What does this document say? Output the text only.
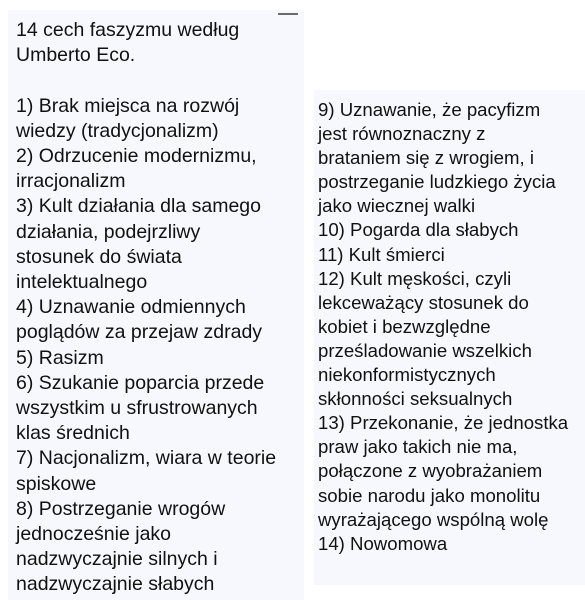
14 cech faszyzmu według
Umberto Eco.

1) Brak miejsca na rozwój
wiedzy (tradycjonalizm)
2) Odrzucenie modernizmu,
irracjonalizm
3) Kult działania dla samego
działania, podejrzliwy
stosunek do świata
intelektualnego
4) Uznawanie odmiennych
poglądów za przejaw zdrady
5) Rasizm
6) Szukanie poparcia przede
wszystkim u sfrustrowanych
klas średnich
7) Nacjonalizm, wiara w teorie
spiskowe
8) Postrzeganie wrogów
jednocześnie jako
nadzwyczajnie silnych i
nadzwyczajnie słabych
9) Uznawanie, że pacyfizm
jest równoznaczny z
brataniem się z wrogiem, i
postrzeganie ludzkiego życia
jako wiecznej walki
10) Pogarda dla słabych
11) Kult śmierci
12) Kult męskości, czyli
lekceważący stosunek do
kobiet i bezwzględne
prześladowanie wszelkich
niekonformistycznych
skłonności seksualnych
13) Przekonanie, że jednostka
praw jako takich nie ma,
połączone z wyobrażaniem
sobie narodu jako monolitu
wyrażającego wspólną wolę
14) Nowomowa
